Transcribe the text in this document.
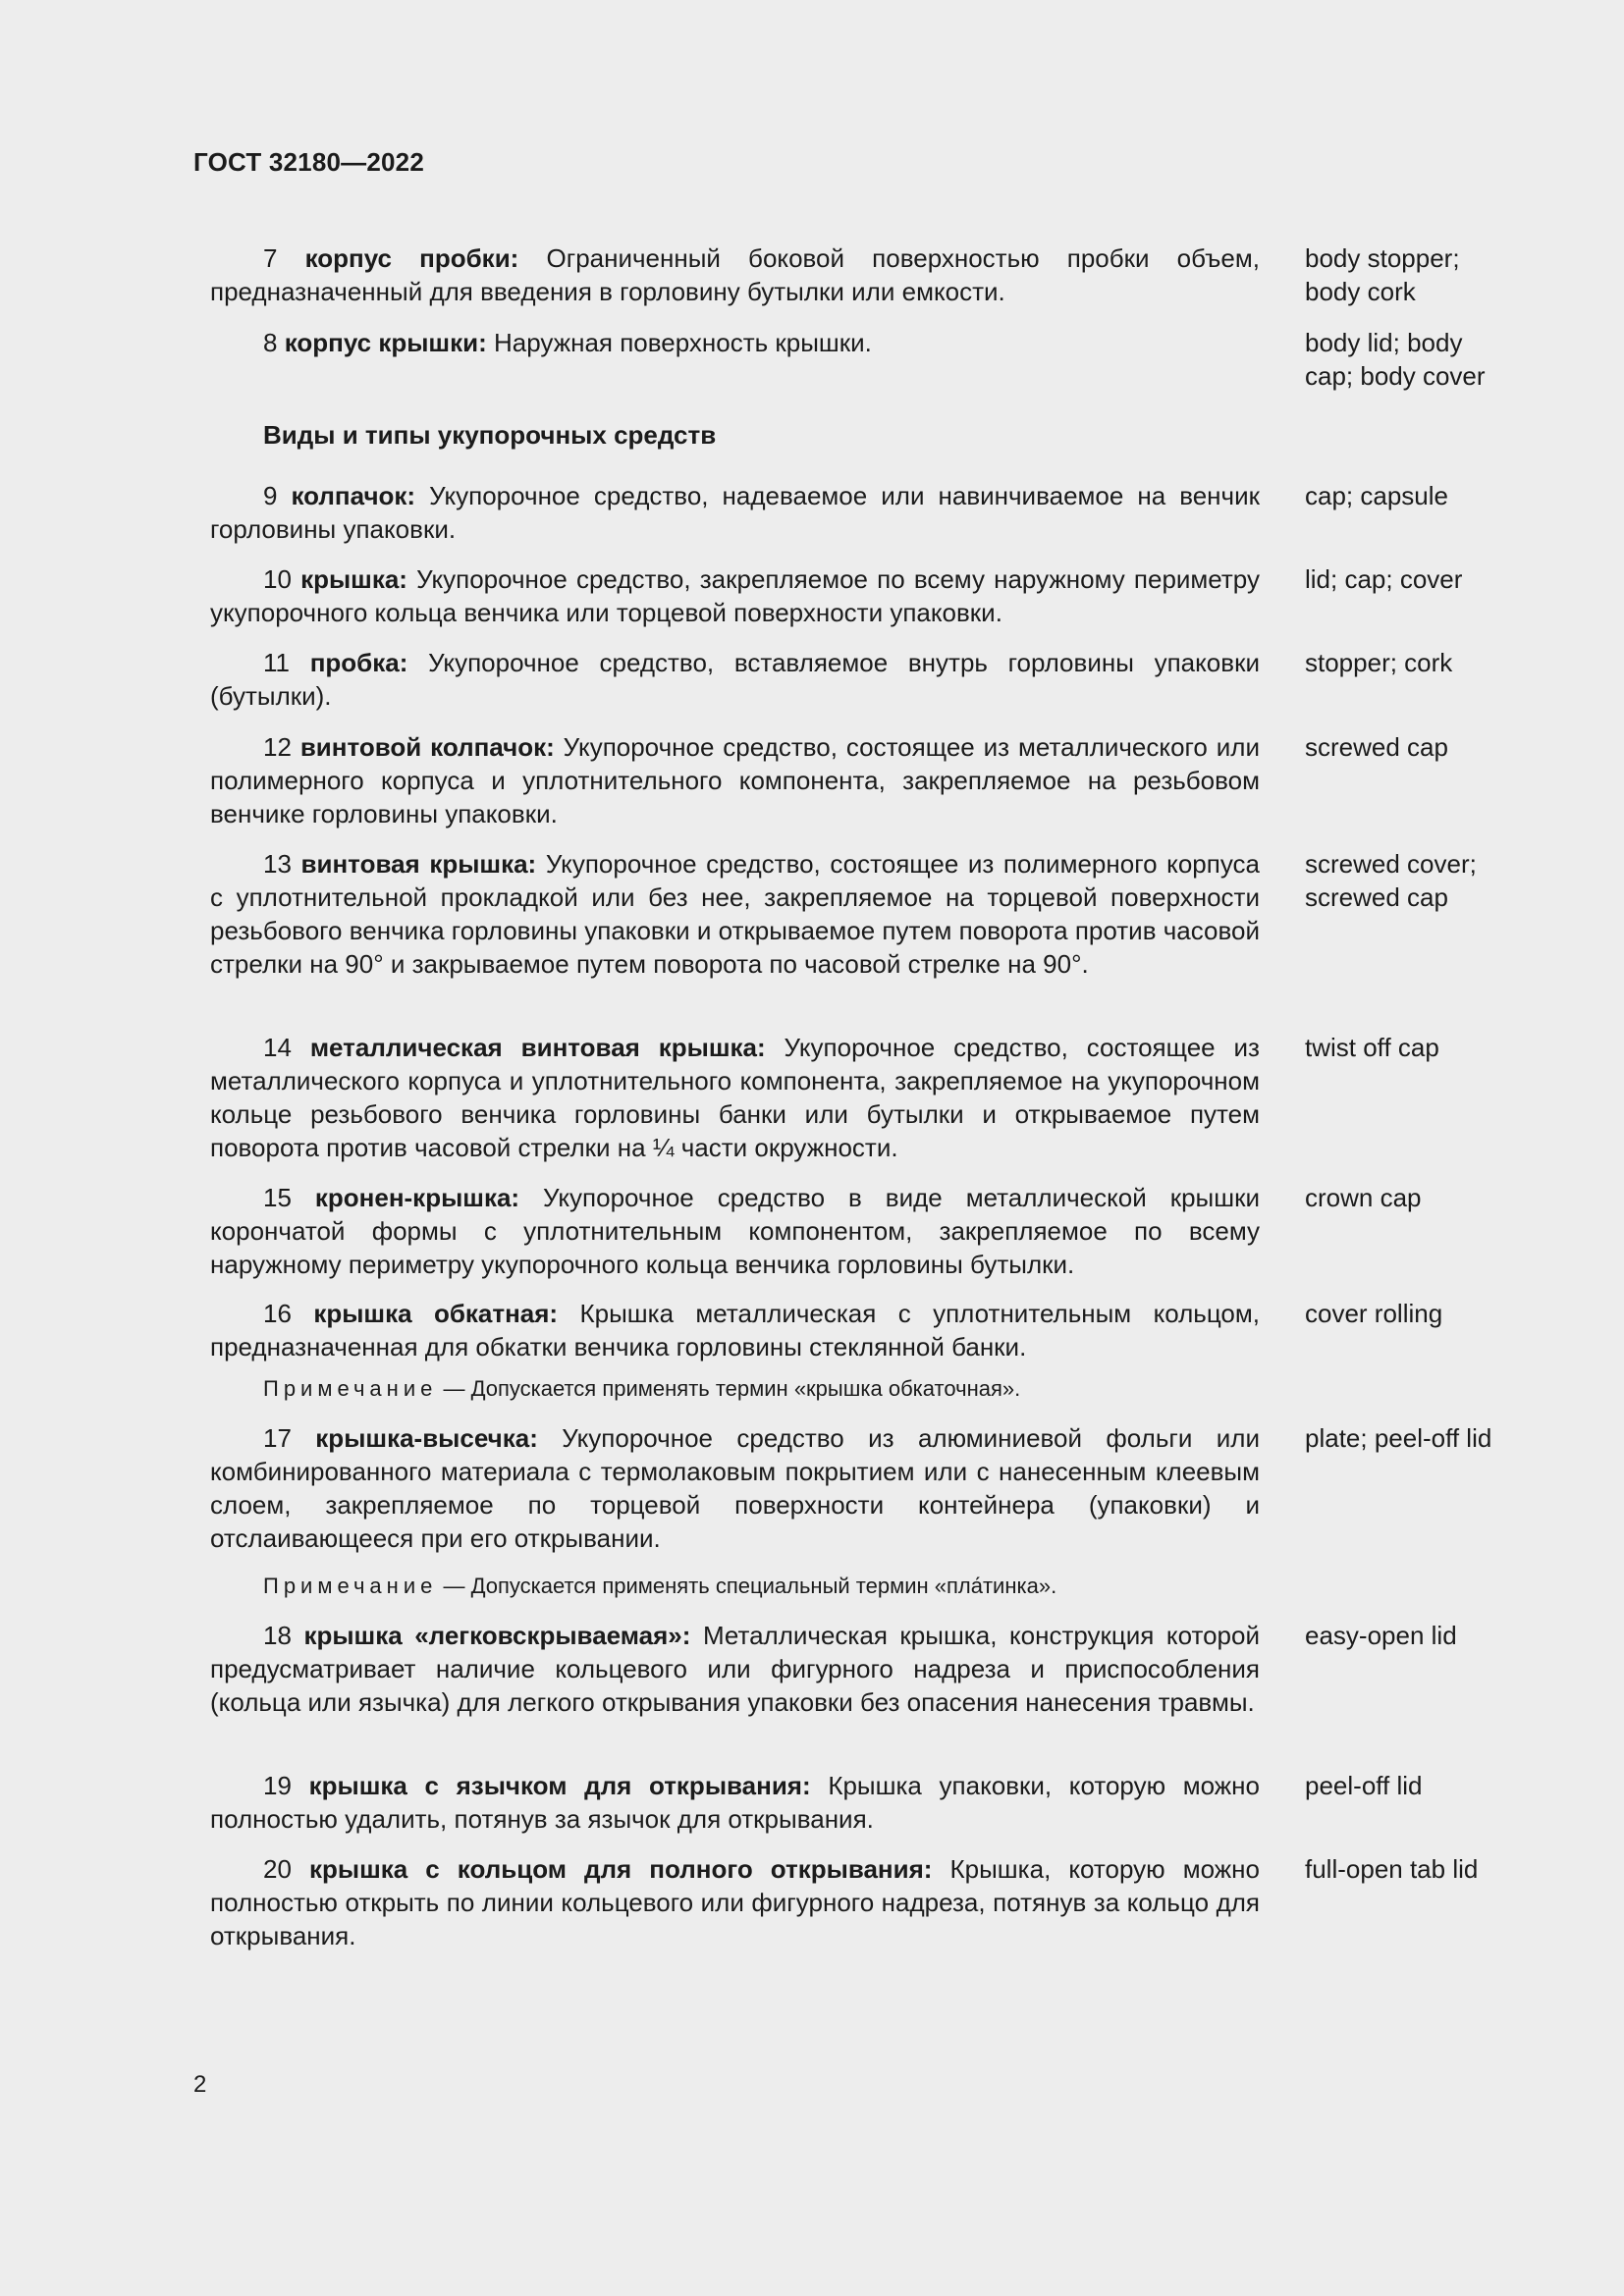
ГОСТ 32180—2022
7 корпус пробки: Ограниченный боковой поверхностью пробки объем, предназначенный для введения в горловину бутылки или емкости.
body stopper; body cork
8 корпус крышки: Наружная поверхность крышки.	body lid; body cap; body cover
Виды и типы укупорочных средств
9 колпачок: Укупорочное средство, надеваемое или навинчиваемое на венчик горловины упаковки.
cap; capsule
10 крышка: Укупорочное средство, закрепляемое по всему наружному периметру укупорочного кольца венчика или торцевой поверхности упаковки.
lid; cap; cover
11 пробка: Укупорочное средство, вставляемое внутрь горловины упаковки (бутылки).
stopper; cork
12 винтовой колпачок: Укупорочное средство, состоящее из металлического или полимерного корпуса и уплотнительного компонента, закрепляемое на резьбовом венчике горловины упаковки.
screwed cap
13 винтовая крышка: Укупорочное средство, состоящее из полимерного корпуса с уплотнительной прокладкой или без нее, закрепляемое на торцевой поверхности резьбового венчика горловины упаковки и открываемое путем поворота против часовой стрелки на 90° и закрываемое путем поворота по часовой стрелке на 90°.
screwed cover; screwed cap
14 металлическая винтовая крышка: Укупорочное средство, состоящее из металлического корпуса и уплотнительного компонента, закрепляемое на укупорочном кольце резьбового венчика горловины банки или бутылки и открываемое путем поворота против часовой стрелки на ¼ части окружности.
twist off cap
15 кронен-крышка: Укупорочное средство в виде металлической крышки корончатой формы с уплотнительным компонентом, закрепляемое по всему наружному периметру укупорочного кольца венчика горловины бутылки.
crown cap
16 крышка обкатная: Крышка металлическая с уплотнительным кольцом, предназначенная для обкатки венчика горловины стеклянной банки.
cover rolling
Примечание — Допускается применять термин «крышка обкаточная».
17 крышка-высечка: Укупорочное средство из алюминиевой фольги или комбинированного материала с термолаковым покрытием или с нанесенным клеевым слоем, закрепляемое по торцевой поверхности контейнера (упаковки) и отслаивающееся при его открывании.
plate; peel-off lid
Примечание — Допускается применять специальный термин «пла́тинка».
18 крышка «легковскрываемая»: Металлическая крышка, конструкция которой предусматривает наличие кольцевого или фигурного надреза и приспособления (кольца или язычка) для легкого открывания упаковки без опасения нанесения травмы.
easy-open lid
19 крышка с язычком для открывания: Крышка упаковки, которую можно полностью удалить, потянув за язычок для открывания.
peel-off lid
20 крышка с кольцом для полного открывания: Крышка, которую можно полностью открыть по линии кольцевого или фигурного надреза, потянув за кольцо для открывания.
full-open tab lid
2
